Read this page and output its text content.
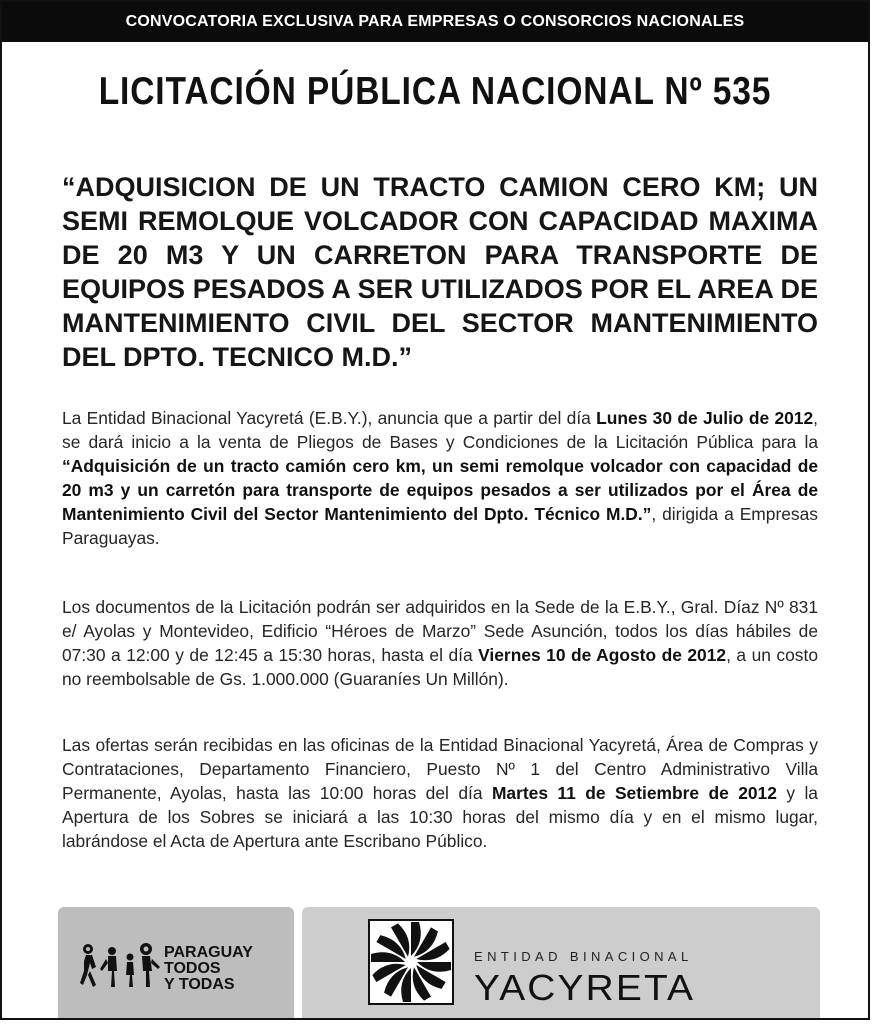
CONVOCATORIA EXCLUSIVA PARA EMPRESAS O CONSORCIOS NACIONALES
LICITACIÓN PÚBLICA NACIONAL Nº 535
“ADQUISICION DE UN TRACTO CAMION CERO KM; UN SEMI REMOLQUE VOLCADOR CON CAPACIDAD MAXIMA DE 20 M3 Y UN CARRETON PARA TRANSPORTE DE EQUIPOS PESADOS A SER UTILIZADOS POR EL AREA DE MANTENIMIENTO CIVIL DEL SECTOR MANTENIMIENTO DEL DPTO. TECNICO M.D.”
La Entidad Binacional Yacyretá (E.B.Y.), anuncia que a partir del día Lunes 30 de Julio de 2012, se dará inicio a la venta de Pliegos de Bases y Condiciones de la Licitación Pública para la “Adquisición de un tracto camión cero km, un semi remolque volcador con capacidad de 20 m3 y un carretón para transporte de equipos pesados a ser utilizados por el Área de Mantenimiento Civil del Sector Mantenimiento del Dpto. Técnico M.D.”, dirigida a Empresas Paraguayas.
Los documentos de la Licitación podrán ser adquiridos en la Sede de la E.B.Y., Gral. Díaz Nº 831 e/ Ayolas y Montevideo, Edificio “Héroes de Marzo” Sede Asunción, todos los días hábiles de 07:30 a 12:00 y de 12:45 a 15:30 horas, hasta el día Viernes 10 de Agosto de 2012, a un costo no reembolsable de Gs. 1.000.000 (Guaraníes Un Millón).
Las ofertas serán recibidas en las oficinas de la Entidad Binacional Yacyretá, Área de Compras y Contrataciones, Departamento Financiero, Puesto Nº 1 del Centro Administrativo Villa Permanente, Ayolas, hasta las 10:00 horas del día Martes 11 de Setiembre de 2012 y la Apertura de los Sobres se iniciará a las 10:30 horas del mismo día y en el mismo lugar, labrándose el Acta de Apertura ante Escribano Público.
PARAGUAY
TODOS
Y TODAS
ENTIDAD BINACIONAL
YACYRETA
